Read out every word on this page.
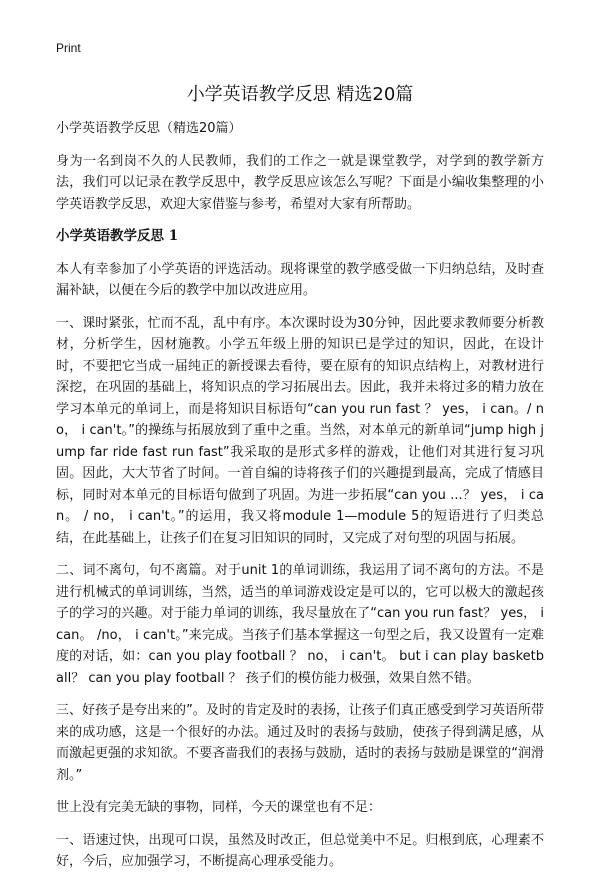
Print
小学英语教学反思 精选20篇

小学英语教学反思（精选20篇）

身为一名到岗不久的人民教师，我们的工作之一就是课堂教学，对学到的教学新方法，我们可以记录在教学反思中，教学反思应该怎么写呢？下面是小编收集整理的小学英语教学反思，欢迎大家借鉴与参考，希望对大家有所帮助。

小学英语教学反思 1

本人有幸参加了小学英语的评选活动。现将课堂的教学感受做一下归纳总结，及时查漏补缺，以便在今后的教学中加以改进应用。

一、课时紧张，忙而不乱，乱中有序。本次课时设为30分钟，因此要求教师要分析教材，分析学生，因材施教。小学五年级上册的知识已是学过的知识，因此，在设计时，不要把它当成一届纯正的新授课去看待，要在原有的知识点结构上，对教材进行深挖，在巩固的基础上，将知识点的学习拓展出去。因此，我并未将过多的精力放在学习本单元的单词上，而是将知识目标语句“can you run fast ？ yes， i can。/ no， i can't。”的操练与拓展放到了重中之重。当然，对本单元的新单词“jump high jump far ride fast run fast”我采取的是形式多样的游戏，让他们对其进行复习巩固。因此，大大节省了时间。一首自编的诗将孩子们的兴趣提到最高，完成了情感目标，同时对本单元的目标语句做到了巩固。为进一步拓展“can you ...？ yes， i can。 / no， i can't。”的运用，我又将module 1—module 5的短语进行了归类总结，在此基础上，让孩子们在复习旧知识的同时，又完成了对句型的巩固与拓展。

二、词不离句，句不离篇。对于unit 1的单词训练，我运用了词不离句的方法。不是进行机械式的单词训练，当然，适当的单词游戏设定是可以的，它可以极大的激起孩子的学习的兴趣。对于能力单词的训练，我尽量放在了“can you run fast？ yes， i can。 /no， i can't。”来完成。当孩子们基本掌握这一句型之后，我又设置有一定难度的对话，如：can you play football ？ no， i can't。 but i can play basketball？ can you play football ？ 孩子们的模仿能力极强，效果自然不错。

三、好孩子是夸出来的”。及时的肯定及时的表扬，让孩子们真正感受到学习英语所带来的成功感，这是一个很好的办法。通过及时的表扬与鼓励，使孩子得到满足感，从而激起更强的求知欲。不要吝啬我们的表扬与鼓励，适时的表扬与鼓励是课堂的“润滑剂。”

世上没有完美无缺的事物，同样，今天的课堂也有不足：

一、语速过快，出现可口误，虽然及时改正，但总觉美中不足。归根到底，心理素不好，今后，应加强学习，不断提高心理承受能力。
